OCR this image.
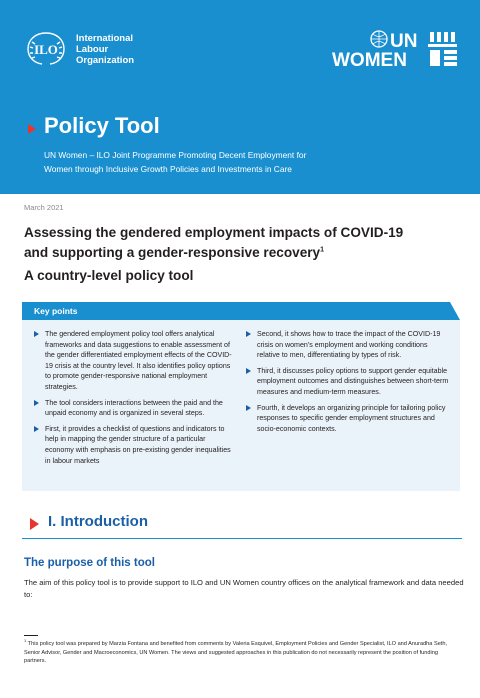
ILO
International
Labour
Organization
UN
WOMEN
Policy Tool
UN Women – ILO Joint Programme Promoting Decent Employment for
Women through Inclusive Growth Policies and Investments in Care
March 2021
Assessing the gendered employment impacts of COVID-19
and supporting a gender-responsive recovery$^1$
A country-level policy tool
Key points
The gendered employment policy tool offers analytical frameworks and data suggestions to enable assessment of the gender differentiated employment effects of the COVID-19 crisis at the country level. It also identifies policy options to promote gender-responsive national employment strategies.
The tool considers interactions between the paid and the unpaid economy and is organized in several steps.
First, it provides a checklist of questions and indicators to help in mapping the gender structure of a particular economy with emphasis on pre-existing gender inequalities in labour markets
Second, it shows how to trace the impact of the COVID-19 crisis on women's employment and working conditions relative to men, differentiating by types of risk.
Third, it discusses policy options to support gender equitable employment outcomes and distinguishes between short-term measures and medium-term measures.
Fourth, it develops an organizing principle for tailoring policy responses to specific gender employment structures and socio-economic contexts.
I. Introduction
The purpose of this tool
The aim of this policy tool is to provide support to ILO and UN Women country offices on the analytical framework and data needed to:
$^1$ This policy tool was prepared by Marzia Fontana and benefited from comments by Valeria Esquivel, Employment Policies and Gender Specialist, ILO and Anuradha Seth, Senior Advisor, Gender and Macroeconomics, UN Women. The views and suggested approaches in this publication do not necessarily represent the position of funding partners.
